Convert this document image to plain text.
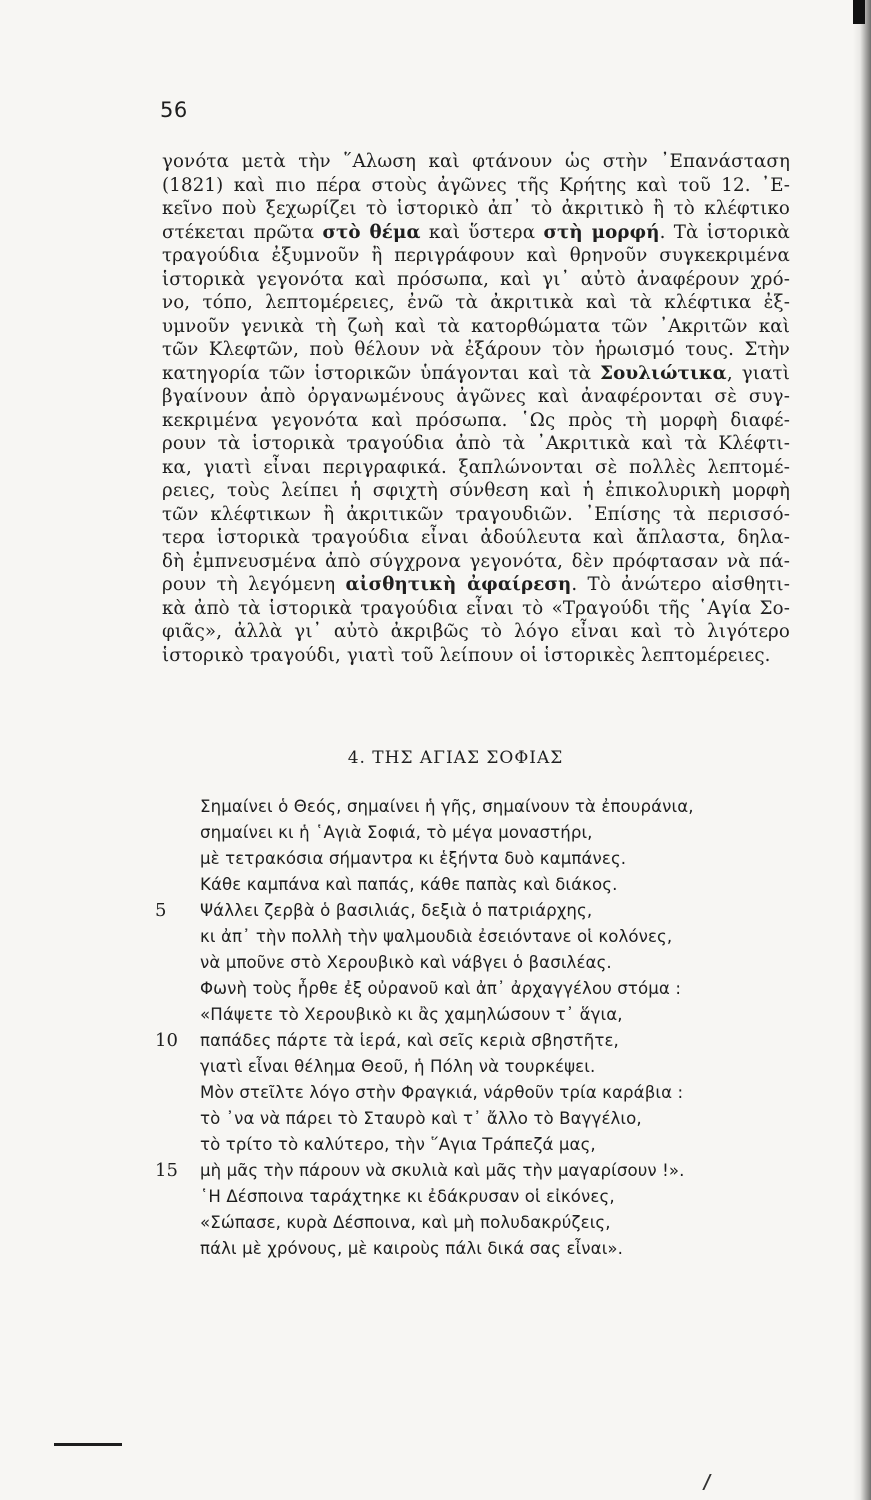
56
γονότα μετὰ τὴν ῞Αλωση καὶ φτάνουν ὡς στὴν ᾿Επανάσταση
(1821) καὶ πιο πέρα στοὺς ἀγῶνες τῆς Κρήτης καὶ τοῦ 12. ᾿Ε-
κεῖνο ποὺ ξεχωρίζει τὸ ἱστορικὸ ἀπ᾿ τὸ ἀκριτικὸ ἢ τὸ κλέφτικο
στέκεται πρῶτα στὸ θέμα καὶ ὕστερα στὴ μορφή. Τὰ ἱστορικὰ
τραγούδια ἐξυμνοῦν ἢ περιγράφουν καὶ θρηνοῦν συγκεκριμένα
ἱστορικὰ γεγονότα καὶ πρόσωπα, καὶ γι᾿ αὐτὸ ἀναφέρουν χρό-
νο, τόπο, λεπτομέρειες, ἐνῶ τὰ ἀκριτικὰ καὶ τὰ κλέφτικα ἐξ-
υμνοῦν γενικὰ τὴ ζωὴ καὶ τὰ κατορθώματα τῶν ᾿Ακριτῶν καὶ
τῶν Κλεφτῶν, ποὺ θέλουν νὰ ἐξάρουν τὸν ἡρωισμό τους. Στὴν
κατηγορία τῶν ἱστορικῶν ὑπάγονται καὶ τὰ Σουλιώτικα, γιατὶ
βγαίνουν ἀπὸ ὀργανωμένους ἀγῶνες καὶ ἀναφέρονται σὲ συγ-
κεκριμένα γεγονότα καὶ πρόσωπα. ῾Ως πρὸς τὴ μορφὴ διαφέ-
ρουν τὰ ἱστορικὰ τραγούδια ἀπὸ τὰ ᾿Ακριτικὰ καὶ τὰ Κλέφτι-
κα, γιατὶ εἶναι περιγραφικά. ξαπλώνονται σὲ πολλὲς λεπτομέ-
ρειες, τοὺς λείπει ἡ σφιχτὴ σύνθεση καὶ ἡ ἐπικολυρικὴ μορφὴ
τῶν κλέφτικων ἢ ἀκριτικῶν τραγουδιῶν. ᾿Επίσης τὰ περισσό-
τερα ἱστορικὰ τραγούδια εἶναι ἀδούλευτα καὶ ἄπλαστα, δηλα-
δὴ ἐμπνευσμένα ἀπὸ σύγχρονα γεγονότα, δὲν πρόφτασαν νὰ πά-
ρουν τὴ λεγόμενη αἰσθητικὴ ἀφαίρεση. Τὸ ἀνώτερο αἰσθητι-
κὰ ἀπὸ τὰ ἱστορικὰ τραγούδια εἶναι τὸ «Τραγούδι τῆς ῾Αγία Σο-
φιᾶς», ἀλλὰ γι᾿ αὐτὸ ἀκριβῶς τὸ λόγο εἶναι καὶ τὸ λιγότερο
ἱστορικὸ τραγούδι, γιατὶ τοῦ λείπουν οἱ ἱστορικὲς λεπτομέρειες.
4. ΤΗΣ ΑΓΙΑΣ ΣΟΦΙΑΣ
Σημαίνει ὁ Θεός, σημαίνει ἡ γῆς, σημαίνουν τὰ ἐπουράνια,
σημαίνει κι ἡ ῾Αγιὰ Σοφιά, τὸ μέγα μοναστήρι,
μὲ τετρακόσια σήμαντρα κι ἑξήντα δυὸ καμπάνες.
Κάθε καμπάνα καὶ παπάς, κάθε παπὰς καὶ διάκος.
5 Ψάλλει ζερβὰ ὁ βασιλιάς, δεξιὰ ὁ πατριάρχης,
κι ἀπ᾿ τὴν πολλὴ τὴν ψαλμουδιὰ ἐσειόντανε οἱ κολόνες,
νὰ μποῦνε στὸ Χερουβικὸ καὶ νάβγει ὁ βασιλέας.
Φωνὴ τοὺς ἦρθε ἐξ οὐρανοῦ καὶ ἀπ᾿ ἀρχαγγέλου στόμα :
«Πάψετε τὸ Χερουβικὸ κι ἂς χαμηλώσουν τ᾿ ἅγια,
10 παπάδες πάρτε τὰ ἱερά, καὶ σεῖς κεριὰ σβηστῆτε,
γιατὶ εἶναι θέλημα Θεοῦ, ἡ Πόλη νὰ τουρκέψει.
Μὸν στεῖλτε λόγο στὴν Φραγκιά, νάρθοῦν τρία καράβια :
τὸ ᾿να νὰ πάρει τὸ Σταυρὸ καὶ τ᾿ ἄλλο τὸ Βαγγέλιο,
τὸ τρίτο τὸ καλύτερο, τὴν ῞Αγια Τράπεζά μας,
15 μὴ μᾶς τὴν πάρουν νὰ σκυλιὰ καὶ μᾶς τὴν μαγαρίσουν !».
῾Η Δέσποινα ταράχτηκε κι ἐδάκρυσαν οἱ εἰκόνες,
«Σώπασε, κυρὰ Δέσποινα, καὶ μὴ πολυδακρύζεις,
πάλι μὲ χρόνους, μὲ καιροὺς πάλι δικά σας εἶναι».
